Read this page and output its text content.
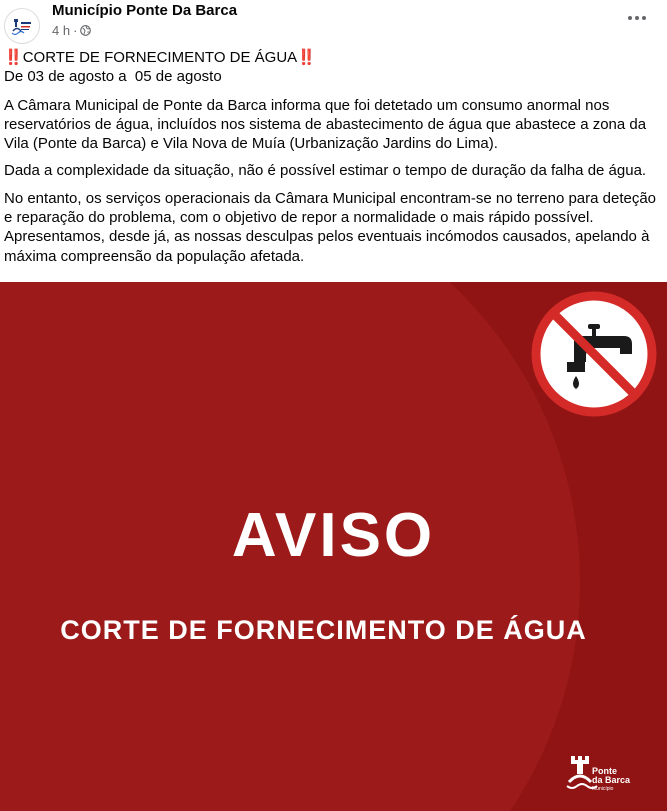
Município Ponte Da Barca
4 h ·

‼️CORTE DE FORNECIMENTO DE ÁGUA‼️
De 03 de agosto a  05 de agosto

A Câmara Municipal de Ponte da Barca informa que foi detetado um consumo anormal nos
reservatórios de água, incluídos nos sistema de abastecimento de água que abastece a zona da
Vila (Ponte da Barca) e Vila Nova de Muía (Urbanização Jardins do Lima).

Dada a complexidade da situação, não é possível estimar o tempo de duração da falha de água.

No entanto, os serviços operacionais da Câmara Municipal encontram-se no terreno para deteção
e reparação do problema, com o objetivo de repor a normalidade o mais rápido possível.
Apresentamos, desde já, as nossas desculpas pelos eventuais incómodos causados, apelando à
máxima compreensão da população afetada.

AVISO
CORTE DE FORNECIMENTO DE ÁGUA
Ponte
da Barca
Município
